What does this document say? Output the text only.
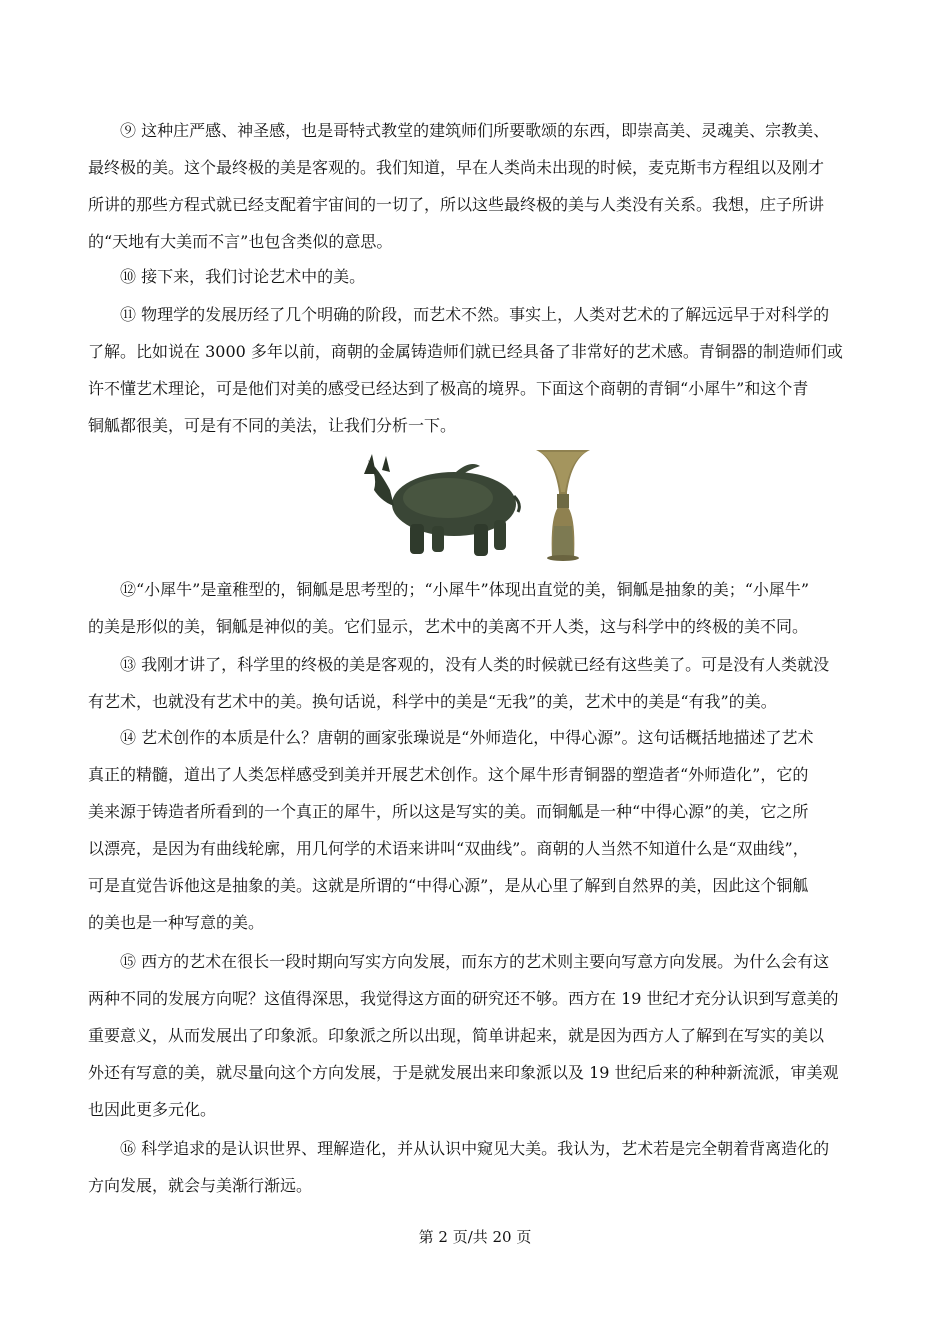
⑨ 这种庄严感、神圣感，也是哥特式教堂的建筑师们所要歌颂的东西，即崇高美、灵魂美、宗教美、
最终极的美。这个最终极的美是客观的。我们知道，早在人类尚未出现的时候，麦克斯韦方程组以及刚才
所讲的那些方程式就已经支配着宇宙间的一切了，所以这些最终极的美与人类没有关系。我想，庄子所讲
的“天地有大美而不言”也包含类似的意思。

⑩ 接下来，我们讨论艺术中的美。

⑪ 物理学的发展历经了几个明确的阶段，而艺术不然。事实上，人类对艺术的了解远远早于对科学的
了解。比如说在 3000 多年以前，商朝的金属铸造师们就已经具备了非常好的艺术感。青铜器的制造师们或
许不懂艺术理论，可是他们对美的感受已经达到了极高的境界。下面这个商朝的青铜“小犀牛”和这个青
铜觚都很美，可是有不同的美法，让我们分析一下。

⑫“小犀牛”是童稚型的，铜觚是思考型的；“小犀牛”体现出直觉的美，铜觚是抽象的美；“小犀牛”
的美是形似的美，铜觚是神似的美。它们显示，艺术中的美离不开人类，这与科学中的终极的美不同。

⑬ 我刚才讲了，科学里的终极的美是客观的，没有人类的时候就已经有这些美了。可是没有人类就没
有艺术，也就没有艺术中的美。换句话说，科学中的美是“无我”的美，艺术中的美是“有我”的美。

⑭ 艺术创作的本质是什么？唐朝的画家张璪说是“外师造化，中得心源”。这句话概括地描述了艺术
真正的精髓，道出了人类怎样感受到美并开展艺术创作。这个犀牛形青铜器的塑造者“外师造化”，它的
美来源于铸造者所看到的一个真正的犀牛，所以这是写实的美。而铜觚是一种“中得心源”的美，它之所
以漂亮，是因为有曲线轮廓，用几何学的术语来讲叫“双曲线”。商朝的人当然不知道什么是“双曲线”，
可是直觉告诉他这是抽象的美。这就是所谓的“中得心源”，是从心里了解到自然界的美，因此这个铜觚
的美也是一种写意的美。

⑮ 西方的艺术在很长一段时期向写实方向发展，而东方的艺术则主要向写意方向发展。为什么会有这
两种不同的发展方向呢？这值得深思，我觉得这方面的研究还不够。西方在 19 世纪才充分认识到写意美的
重要意义，从而发展出了印象派。印象派之所以出现，简单讲起来，就是因为西方人了解到在写实的美以
外还有写意的美，就尽量向这个方向发展，于是就发展出来印象派以及 19 世纪后来的种种新流派，审美观
也因此更多元化。

⑯ 科学追求的是认识世界、理解造化，并从认识中窥见大美。我认为，艺术若是完全朝着背离造化的
方向发展，就会与美渐行渐远。

第 2 页/共 20 页
